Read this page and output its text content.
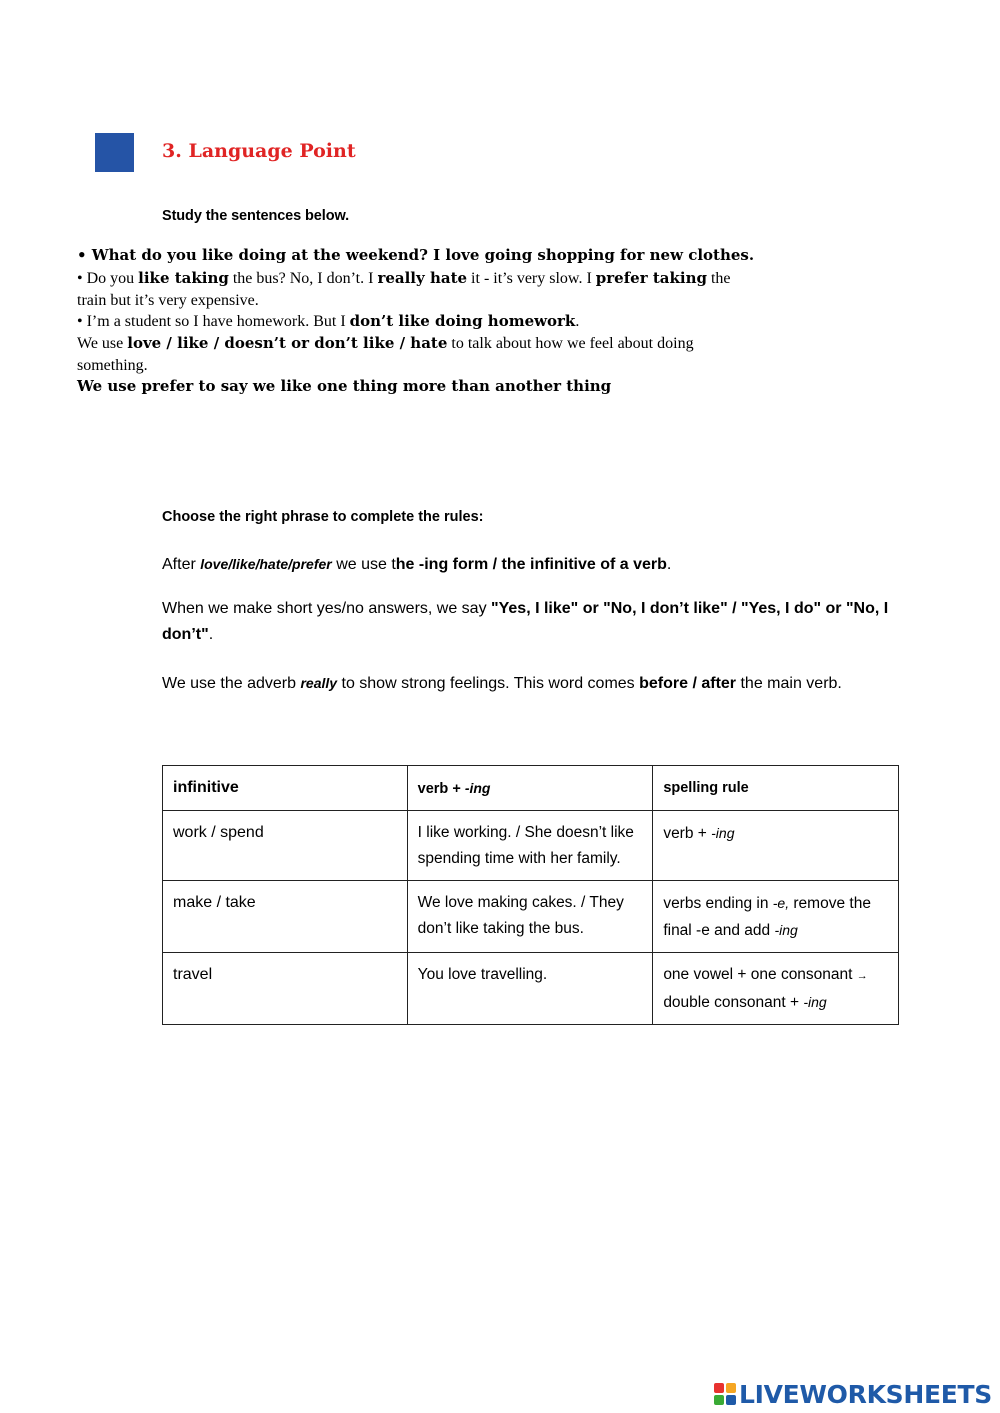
3. Language Point
Study the sentences below.
• What do you like doing at the weekend? I love going shopping for new clothes.
• Do you like taking the bus? No, I don’t. I really hate it - it’s very slow. I prefer taking the
train but it’s very expensive.
• I’m a student so I have homework. But I don’t like doing homework.
We use love / like / doesn’t or don’t like / hate to talk about how we feel about doing
something.
We use prefer to say we like one thing more than another thing
Choose the right phrase to complete the rules:
After love/like/hate/prefer we use the -ing form / the infinitive of a verb.
When we make short yes/no answers, we say "Yes, I like" or "No, I don’t like" / "Yes, I do" or "No, I
don’t".
We use the adverb really to show strong feelings. This word comes before / after the main verb.
infinitive	verb + -ing	spelling rule
work / spend	I like working. / She doesn’t like spending time with her family.	verb + -ing
make / take	We love making cakes. / They don’t like taking the bus.	verbs ending in -e, remove the final -e and add -ing
travel	You love travelling.	one vowel + one consonant → double consonant + -ing
LIVEWORKSHEETS
